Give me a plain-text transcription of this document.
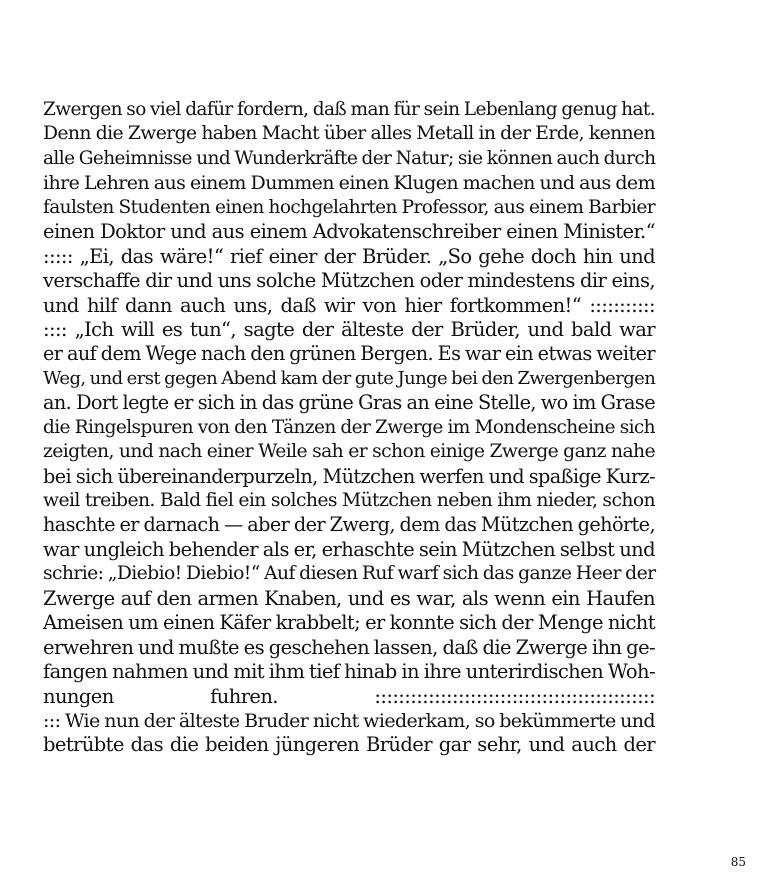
Zwergen so viel dafür fordern, daß man für sein Lebenlang genug hat.
Denn die Zwerge haben Macht über alles Metall in der Erde, kennen
alle Geheimnisse und Wunderkräfte der Natur; sie können auch durch
ihre Lehren aus einem Dummen einen Klugen machen und aus dem
faulsten Studenten einen hochgelahrten Professor, aus einem Barbier
einen Doktor und aus einem Advokatenschreiber einen Minister.“
::::: „Ei, das wäre!“ rief einer der Brüder. „So gehe doch hin und
verschaffe dir und uns solche Mützchen oder mindestens dir eins,
und hilf dann auch uns, daß wir von hier fortkommen!“ :::::::::::
:::: „Ich will es tun“, sagte der älteste der Brüder, und bald war
er auf dem Wege nach den grünen Bergen. Es war ein etwas weiter
Weg, und erst gegen Abend kam der gute Junge bei den Zwergenbergen
an. Dort legte er sich in das grüne Gras an eine Stelle, wo im Grase
die Ringelspuren von den Tänzen der Zwerge im Mondenscheine sich
zeigten, und nach einer Weile sah er schon einige Zwerge ganz nahe
bei sich übereinanderpurzeln, Mützchen werfen und spaßige Kurz-
weil treiben. Bald fiel ein solches Mützchen neben ihm nieder, schon
haschte er darnach — aber der Zwerg, dem das Mützchen gehörte,
war ungleich behender als er, erhaschte sein Mützchen selbst und
schrie: „Diebio! Diebio!“ Auf diesen Ruf warf sich das ganze Heer der
Zwerge auf den armen Knaben, und es war, als wenn ein Haufen
Ameisen um einen Käfer krabbelt; er konnte sich der Menge nicht
erwehren und mußte es geschehen lassen, daß die Zwerge ihn ge-
fangen nahmen und mit ihm tief hinab in ihre unterirdischen Woh-
nungen fuhren. :::::::::::::::::::::::::::::::::::::::::::::::
::: Wie nun der älteste Bruder nicht wiederkam, so bekümmerte und
betrübte das die beiden jüngeren Brüder gar sehr, und auch der
85
